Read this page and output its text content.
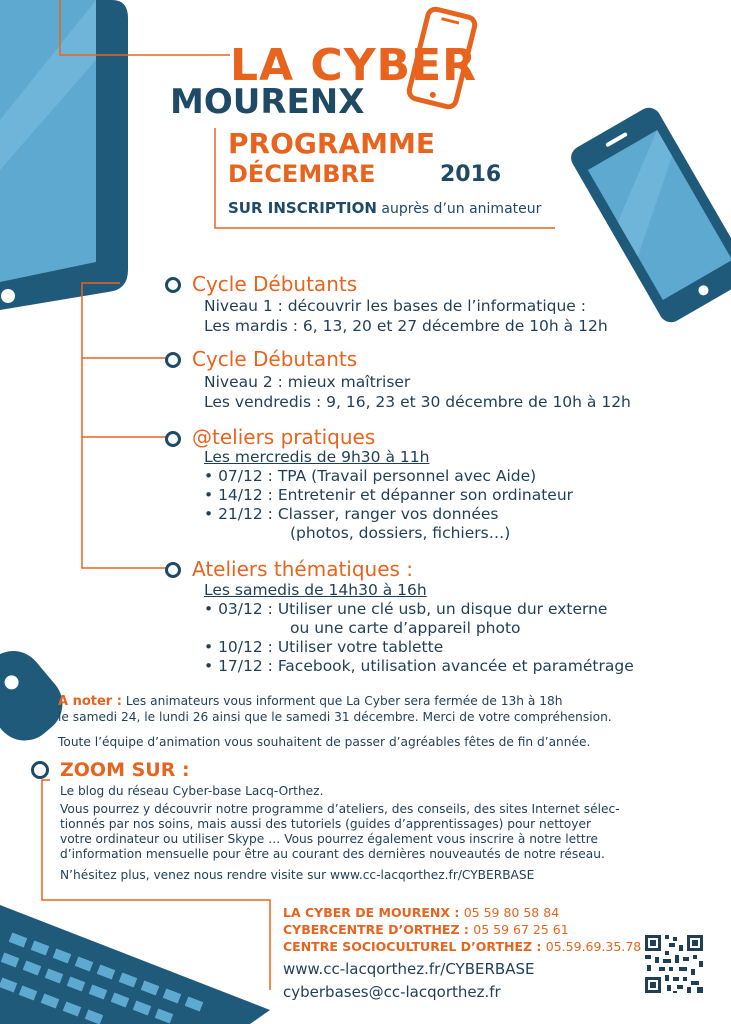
LA CYBER
MOURENX
PROGRAMME
DÉCEMBRE	2016
SUR INSCRIPTION auprès d’un animateur
Cycle Débutants
Niveau 1 : découvrir les bases de l’informatique :
Les mardis : 6, 13, 20 et 27 décembre de 10h à 12h
Cycle Débutants
Niveau 2 : mieux maîtriser
Les vendredis : 9, 16, 23 et 30 décembre de 10h à 12h
@teliers pratiques
Les mercredis de 9h30 à 11h
• 07/12 : TPA (Travail personnel avec Aide)
• 14/12 : Entretenir et dépanner son ordinateur
• 21/12 : Classer, ranger vos données
(photos, dossiers, fichiers…)
Ateliers thématiques :
Les samedis de 14h30 à 16h
• 03/12 : Utiliser une clé usb, un disque dur externe
ou une carte d’appareil photo
• 10/12 : Utiliser votre tablette
• 17/12 : Facebook, utilisation avancée et paramétrage
A noter : Les animateurs vous informent que La Cyber sera fermée de 13h à 18h
le samedi 24, le lundi 26 ainsi que le samedi 31 décembre. Merci de votre compréhension.
Toute l’équipe d’animation vous souhaitent de passer d’agréables fêtes de fin d’année.
ZOOM SUR :
Le blog du réseau Cyber-base Lacq-Orthez.
Vous pourrez y découvrir notre programme d’ateliers, des conseils, des sites Internet sélec-
tionnés par nos soins, mais aussi des tutoriels (guides d’apprentissages) pour nettoyer
votre ordinateur ou utiliser Skype … Vous pourrez également vous inscrire à notre lettre
d’information mensuelle pour être au courant des dernières nouveautés de notre réseau.
N’hésitez plus, venez nous rendre visite sur www.cc-lacqorthez.fr/CYBERBASE
LA CYBER DE MOURENX : 05 59 80 58 84
CYBERCENTRE D’ORTHEZ : 05 59 67 25 61
CENTRE SOCIOCULTUREL D’ORTHEZ : 05.59.69.35.78
www.cc-lacqorthez.fr/CYBERBASE
cyberbases@cc-lacqorthez.fr
